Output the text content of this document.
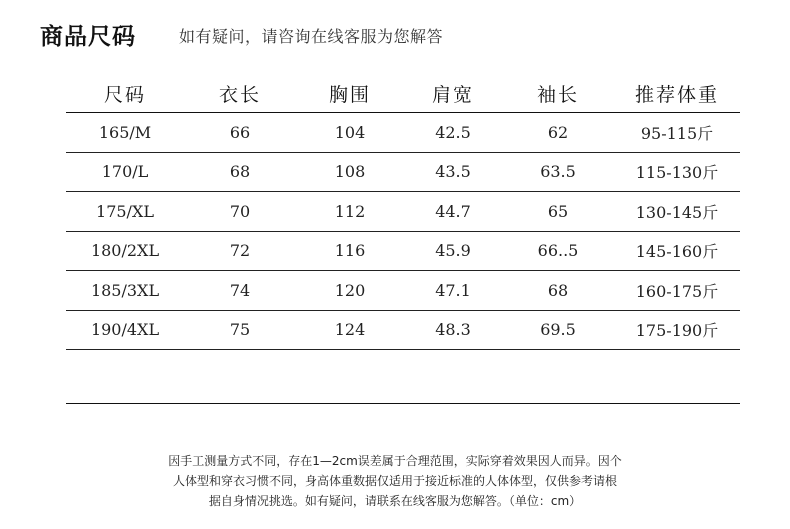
商品尺码	如有疑问，请咨询在线客服为您解答
尺码	衣长	胸围	肩宽	袖长	推荐体重
165/M	66	104	42.5	62	95-115斤
170/L	68	108	43.5	63.5	115-130斤
175/XL	70	112	44.7	65	130-145斤
180/2XL	72	116	45.9	66..5	145-160斤
185/3XL	74	120	47.1	68	160-175斤
190/4XL	75	124	48.3	69.5	175-190斤
因手工测量方式不同，存在1—2cm误差属于合理范围，实际穿着效果因人而异。因个
人体型和穿衣习惯不同，身高体重数据仅适用于接近标准的人体体型，仅供参考请根
据自身情况挑选。如有疑问，请联系在线客服为您解答。（单位：cm）
